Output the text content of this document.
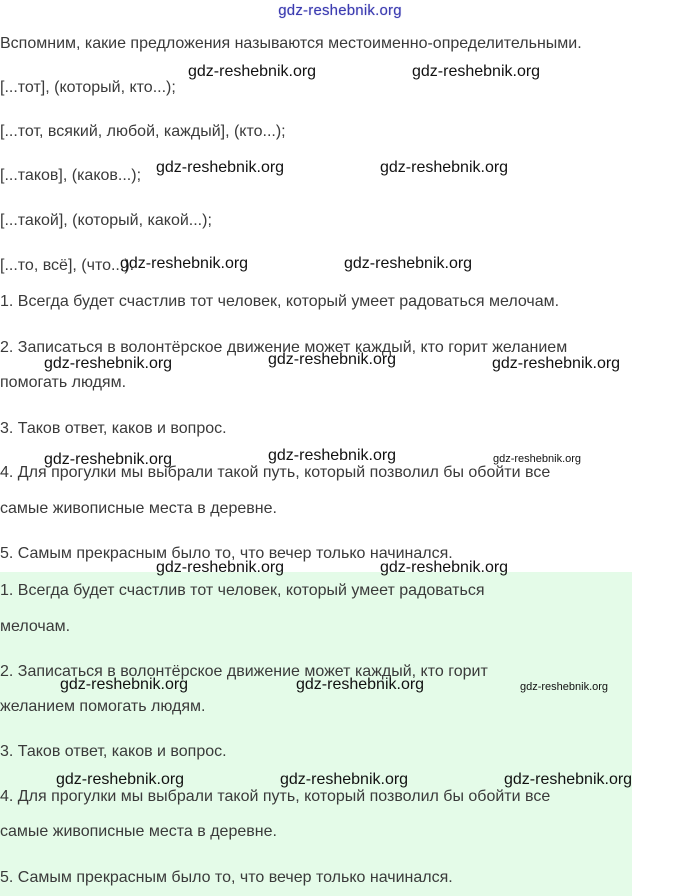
gdz-reshebnik.org

Вспомним, какие предложения называются местоименно-определительными.

[...тот], (который, кто...);

[...тот, всякий, любой, каждый], (кто...);

[...таков], (каков...);

[...такой], (который, какой...);

[...то, всё], (что...).

1. Всегда будет счастлив тот человек, который умеет радоваться мелочам.

2. Записаться в волонтёрское движение может каждый, кто горит желанием

помогать людям.

3. Таков ответ, каков и вопрос.

4. Для прогулки мы выбрали такой путь, который позволил бы обойти все

самые живописные места в деревне.

5. Самым прекрасным было то, что вечер только начинался.

1. Всегда будет счастлив тот человек, который умеет радоваться

мелочам.

2. Записаться в волонтёрское движение может каждый, кто горит

желанием помогать людям.

3. Таков ответ, каков и вопрос.

4. Для прогулки мы выбрали такой путь, который позволил бы обойти все

самые живописные места в деревне.

5. Самым прекрасным было то, что вечер только начинался.

gdz-reshebnik.org	gdz-reshebnik.org
gdz-reshebnik.org	gdz-reshebnik.org
gdz-reshebnik.org	gdz-reshebnik.org
gdz-reshebnik.org	gdz-reshebnik.org	gdz-reshebnik.org
gdz-reshebnik.org	gdz-reshebnik.org	gdz-reshebnik.org
gdz-reshebnik.org	gdz-reshebnik.org
gdz-reshebnik.org	gdz-reshebnik.org	gdz-reshebnik.org
gdz-reshebnik.org	gdz-reshebnik.org	gdz-reshebnik.org
